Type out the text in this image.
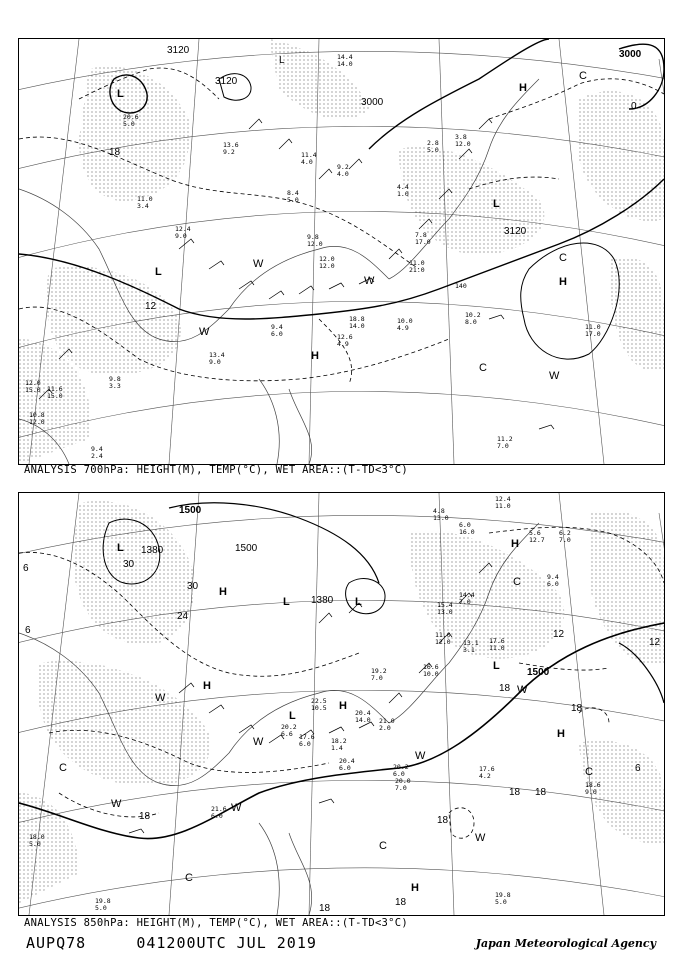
3120
3120
3000
3120
3000	0
18
12
L
L
L
L
H
H
H
C
C
C
W
W
W
W
140
10.2
8.0
11.0
17.0
11.2
7.0
10.0
4.9
7.8
17.0
11.0
21.0
12.0
12.0
3.8
12.0
2.8
5.0
4.4
1.0
9.2
4.0
11.4
4.0
14.4
14.0
13.4
9.0
12.4
9.0
11.0
3.4
8.4
5.0
9.8
12.0
11.6
15.0
12.0
15.0
10.8
12.0
9.4
2.4
9.8
3.3
13.6
9.2
20.6
5.0
18.8
14.0
12.6
4.9
9.4
6.0
ANALYSIS 700hPa: HEIGHT(M), TEMP(°C), WET AREA::(T-TD<3°C)
1500
1380
1380
1500
1500
30
30
24
18
18
18 18
18
12
12
6
6
6
18
18
18
L
L	L
L
L
H
H
H
H
H
H
C
C
C	C
C
W
W
W
W
W
W
W
12.4
11.0
6.0
16.0
4.8
13.0
5.6
12.7
6.2
7.0
9.4
6.0
17.6
4.2
18.6
9.0
19.8
5.0
20.2
6.0
21.6
6.0
20.4
6.0
20.0
7.0
22.5
10.5
20.4
14.0
16.6
10.0
13.1
3.1
17.6
11.0
11.0
12.0
15.4
13.0
14.4
7.0
20.2
6.6 17.6
6.0
19.8
5.0
18.0
5.0
19.2
7.0
21.0
2.0
18.2
1.4
ANALYSIS 850hPa: HEIGHT(M), TEMP(°C), WET AREA::(T-TD<3°C)
AUPQ78	041200UTC JUL 2019	Japan Meteorological Agency
